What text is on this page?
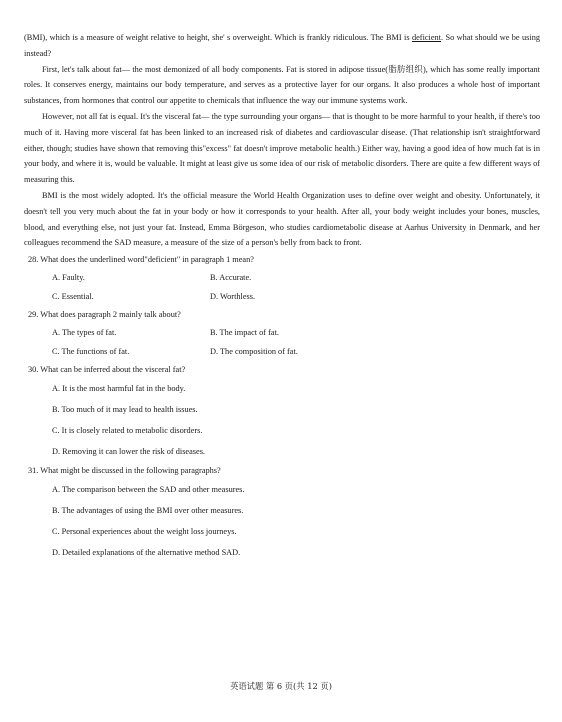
(BMI), which is a measure of weight relative to height, she' s overweight. Which is frankly ridiculous. The BMI is deficient. So what should we be using instead?

First, let's talk about fat— the most demonized of all body components. Fat is stored in adipose tissue(脂肪组织), which has some really important roles. It conserves energy, maintains our body temperature, and serves as a protective layer for our organs. It also produces a whole host of important substances, from hormones that control our appetite to chemicals that influence the way our immune systems work.

However, not all fat is equal. It's the visceral fat— the type surrounding your organs— that is thought to be more harmful to your health, if there's too much of it. Having more visceral fat has been linked to an increased risk of diabetes and cardiovascular disease. (That relationship isn't straightforward either, though; studies have shown that removing this"excess" fat doesn't improve metabolic health.) Either way, having a good idea of how much fat is in your body, and where it is, would be valuable. It might at least give us some idea of our risk of metabolic disorders. There are quite a few different ways of measuring this.

BMI is the most widely adopted. It's the official measure the World Health Organization uses to define over weight and obesity. Unfortunately, it doesn't tell you very much about the fat in your body or how it corresponds to your health. After all, your body weight includes your bones, muscles, blood, and everything else, not just your fat. Instead, Emma Börgeson, who studies cardiometabolic disease at Aarhus University in Denmark, and her colleagues recommend the SAD measure, a measure of the size of a person's belly from back to front.

28. What does the underlined word"deficient" in paragraph 1 mean?

A. Faulty.	B. Accurate.
C. Essential.	D. Worthless.

29. What does paragraph 2 mainly talk about?

A. The types of fat.	B. The impact of fat.
C. The functions of fat.	D. The composition of fat.

30. What can be inferred about the visceral fat?

A. It is the most harmful fat in the body.
B. Too much of it may lead to health issues.
C. It is closely related to metabolic disorders.
D. Removing it can lower the risk of diseases.

31. What might be discussed in the following paragraphs?

A. The comparison between the SAD and other measures.
B. The advantages of using the BMI over other measures.
C. Personal experiences about the weight loss journeys.
D. Detailed explanations of the alternative method SAD.
英语试题 第 6 页(共 12 页)
